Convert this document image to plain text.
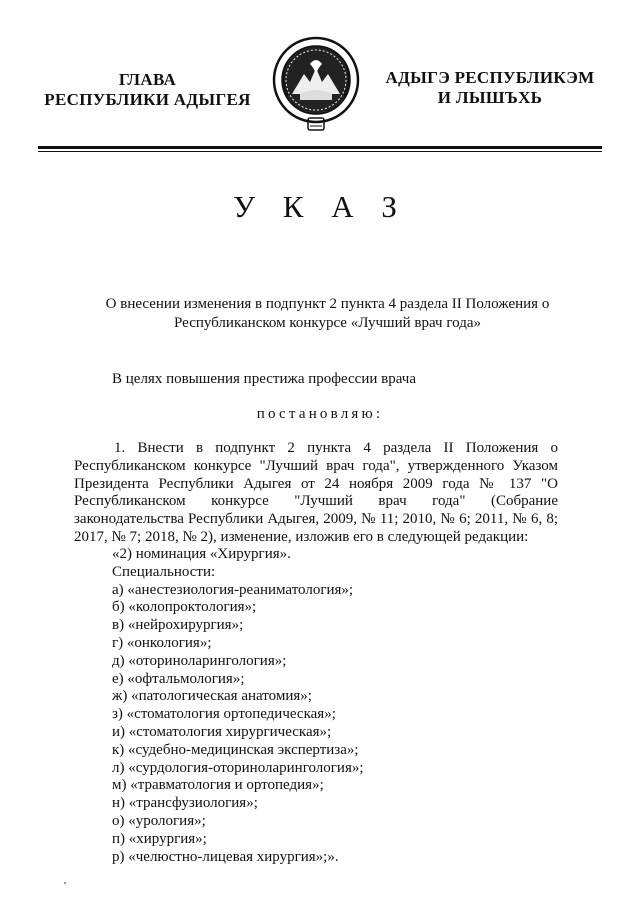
ГЛАВА
РЕСПУБЛИКИ АДЫГЕЯ
АДЫГЭ РЕСПУБЛИКЭМ
И ЛЫШЪХЬ
У К А З
О внесении изменения в подпункт 2 пункта 4 раздела II Положения о Республиканском конкурсе «Лучший врач года»
В целях повышения престижа профессии врача
постановляю:
1. Внести в подпункт 2 пункта 4 раздела II Положения о Республиканском конкурсе "Лучший врач года", утвержденного Указом Президента Республики Адыгея от 24 ноября 2009 года № 137 "О Республиканском конкурсе "Лучший врач года" (Собрание законодательства Республики Адыгея, 2009, № 11; 2010, № 6; 2011, № 6, 8; 2017, № 7; 2018, № 2), изменение, изложив его в следующей редакции:
«2) номинация «Хирургия».
Специальности:
а) «анестезиология-реаниматология»;
б) «колопроктология»;
в) «нейрохирургия»;
г) «онкология»;
д) «оториноларингология»;
е) «офтальмология»;
ж) «патологическая анатомия»;
з) «стоматология ортопедическая»;
и) «стоматология хирургическая»;
к) «судебно-медицинская экспертиза»;
л) «сурдология-оториноларингология»;
м) «травматология и ортопедия»;
н) «трансфузиология»;
о) «урология»;
п) «хирургия»;
р) «челюстно-лицевая хирургия»;».
